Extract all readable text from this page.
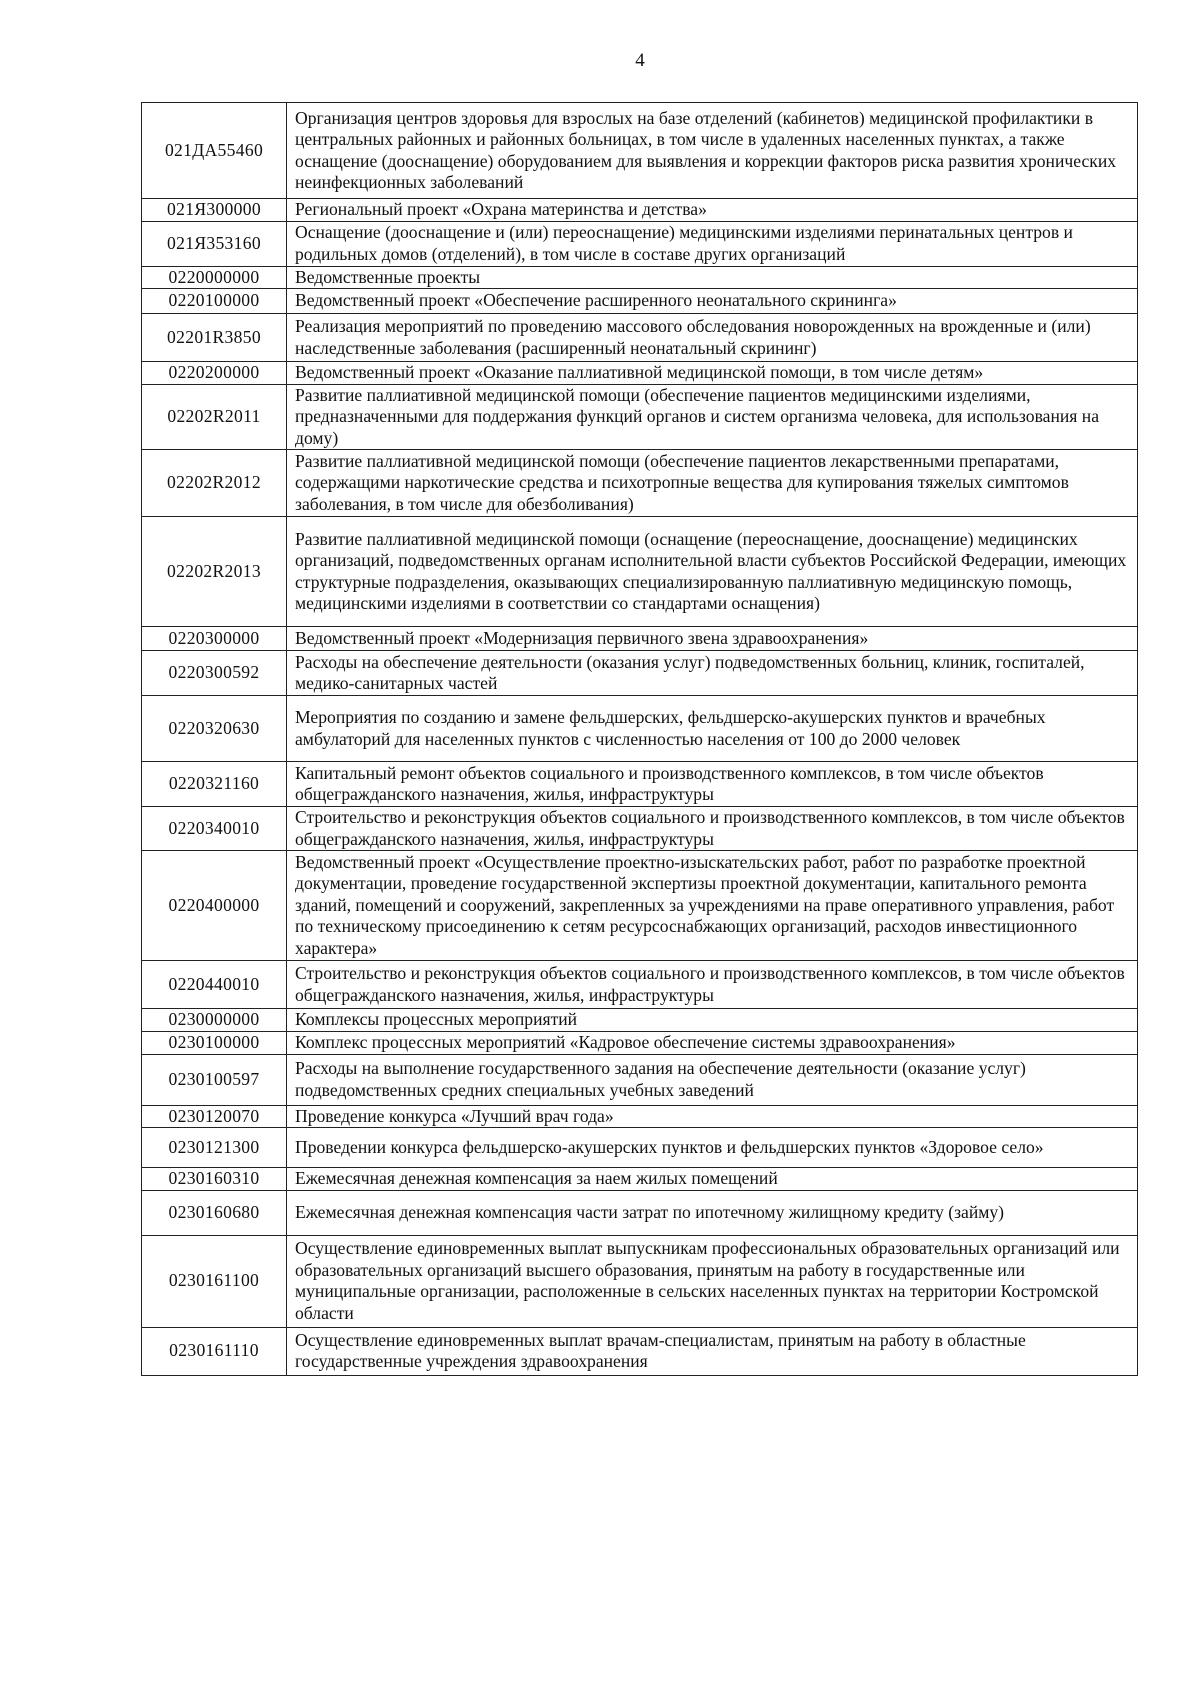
4
021ДА55460	Организация центров здоровья для взрослых на базе отделений (кабинетов) медицинской профилактики в центральных районных и районных больницах, в том числе в удаленных населенных пунктах, а также оснащение (дооснащение) оборудованием для выявления и коррекции факторов риска развития хронических неинфекционных заболеваний
021Я300000	Региональный проект «Охрана материнства и детства»
021Я353160	Оснащение (дооснащение и (или) переоснащение) медицинскими изделиями перинатальных центров и родильных домов (отделений), в том числе в составе других организаций
0220000000	Ведомственные проекты
0220100000	Ведомственный проект «Обеспечение расширенного неонатального скрининга»
02201R3850	Реализация мероприятий по проведению массового обследования новорожденных на врожденные и (или) наследственные заболевания (расширенный неонатальный скрининг)
0220200000	Ведомственный проект «Оказание паллиативной медицинской помощи, в том числе детям»
02202R2011	Развитие паллиативной медицинской помощи (обеспечение пациентов медицинскими изделиями, предназначенными для поддержания функций органов и систем организма человека, для использования на дому)
02202R2012	Развитие паллиативной медицинской помощи (обеспечение пациентов лекарственными препаратами, содержащими наркотические средства и психотропные вещества для купирования тяжелых симптомов заболевания, в том числе для обезболивания)
02202R2013	Развитие паллиативной медицинской помощи (оснащение (переоснащение, дооснащение) медицинских организаций, подведомственных органам исполнительной власти субъектов Российской Федерации, имеющих структурные подразделения, оказывающих специализированную паллиативную медицинскую помощь, медицинскими изделиями в соответствии со стандартами оснащения)
0220300000	Ведомственный проект «Модернизация первичного звена здравоохранения»
0220300592	Расходы на обеспечение деятельности (оказания услуг) подведомственных больниц, клиник, госпиталей, медико-санитарных частей
0220320630	Мероприятия по созданию и замене фельдшерских, фельдшерско-акушерских пунктов и врачебных амбулаторий для населенных пунктов с численностью населения от 100 до 2000 человек
0220321160	Капитальный ремонт объектов социального и производственного комплексов, в том числе объектов общегражданского назначения, жилья, инфраструктуры
0220340010	Строительство и реконструкция объектов социального и производственного комплексов, в том числе объектов общегражданского назначения, жилья, инфраструктуры
0220400000	Ведомственный проект «Осуществление проектно-изыскательских работ, работ по разработке проектной документации, проведение государственной экспертизы проектной документации, капитального ремонта зданий, помещений и сооружений, закрепленных за учреждениями на праве оперативного управления, работ по техническому присоединению к сетям ресурсоснабжающих организаций, расходов инвестиционного характера»
0220440010	Строительство и реконструкция объектов социального и производственного комплексов, в том числе объектов общегражданского назначения, жилья, инфраструктуры
0230000000	Комплексы процессных мероприятий
0230100000	Комплекс процессных мероприятий «Кадровое обеспечение системы здравоохранения»
0230100597	Расходы на выполнение государственного задания на обеспечение деятельности (оказание услуг) подведомственных средних специальных учебных заведений
0230120070	Проведение конкурса «Лучший врач года»
0230121300	Проведении конкурса фельдшерско-акушерских пунктов и фельдшерских пунктов «Здоровое село»
0230160310	Ежемесячная денежная компенсация за наем жилых помещений
0230160680	Ежемесячная денежная компенсация части затрат по ипотечному жилищному кредиту (займу)
0230161100	Осуществление единовременных выплат выпускникам профессиональных образовательных организаций или образовательных организаций высшего образования, принятым на работу в государственные или муниципальные организации, расположенные в сельских населенных пунктах на территории Костромской области
0230161110	Осуществление единовременных выплат врачам-специалистам, принятым на работу в областные государственные учреждения здравоохранения
